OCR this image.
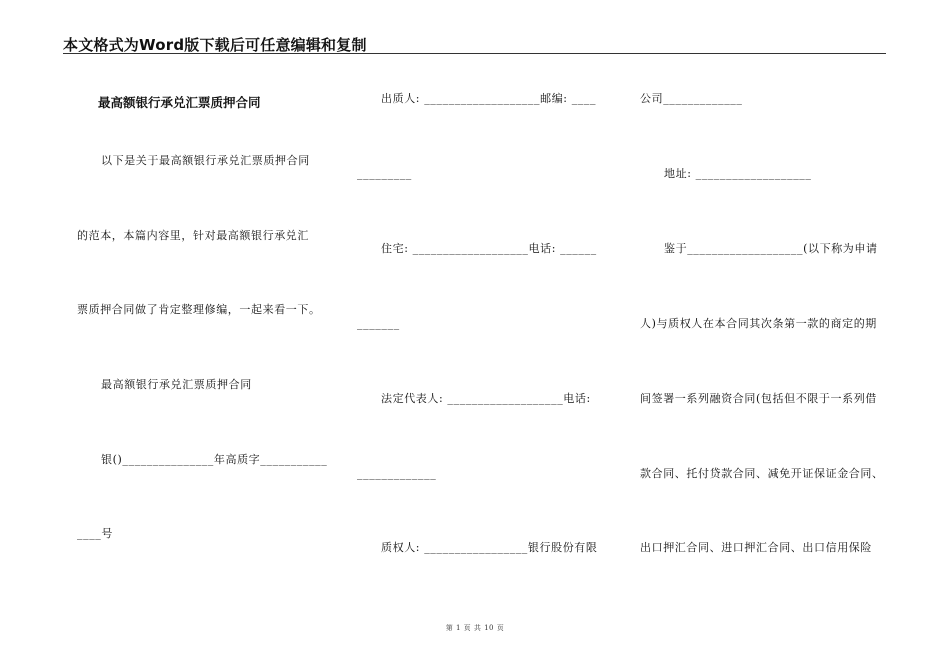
本文格式为Word版下载后可任意编辑和复制
最高额银行承兑汇票质押合同
以下是关于最高额银行承兑汇票质押合同
的范本，本篇内容里，针对最高额银行承兑汇
票质押合同做了肯定整理修编，一起来看一下。
最高额银行承兑汇票质押合同
银()_______________年高质字___________
____号
出质人: ___________________邮编: ____
_________
住宅: ___________________电话: ______
_______
法定代表人: ___________________电话:
_____________
质权人: _________________银行股份有限
公司_____________
地址: ___________________
鉴于___________________(以下称为申请
人)与质权人在本合同其次条第一款的商定的期
间签署一系列融资合同(包括但不限于一系列借
款合同、托付贷款合同、减免开证保证金合同、
出口押汇合同、进口押汇合同、出口信用保险
第 1 页 共 10 页
